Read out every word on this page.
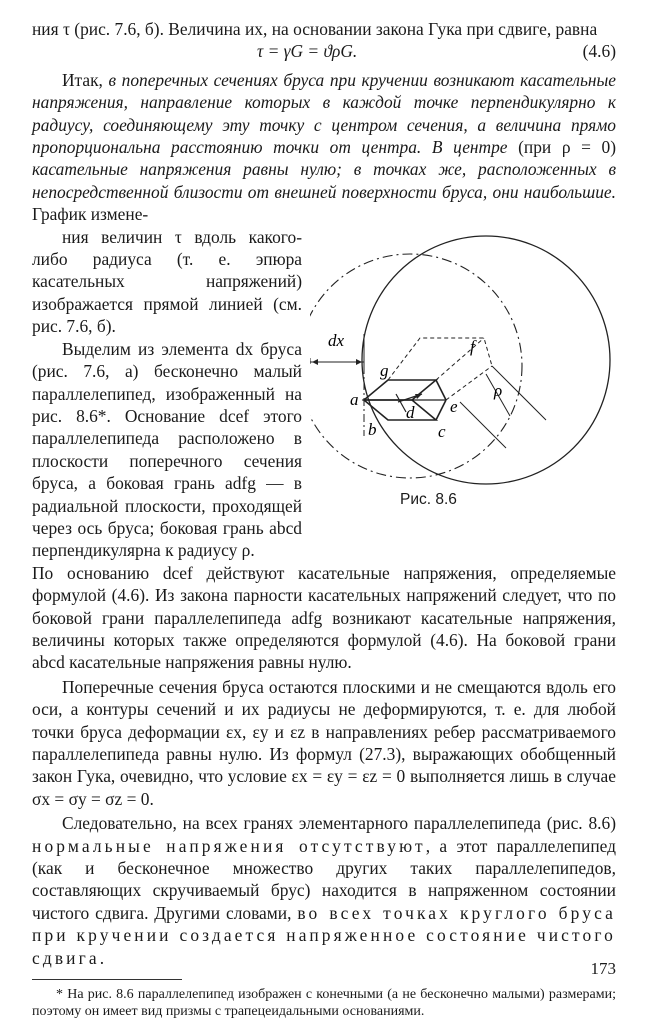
ния τ (рис. 7.6, б). Величина их, на основании закона Гука при сдвиге, равна

τ = γG = ϑρG.	(4.6)

Итак, в поперечных сечениях бруса при кручении возникают касательные напряжения, направление которых в каждой точке перпендикулярно к радиусу, соединяющему эту точку с центром сечения, а величина прямо пропорциональна расстоянию точки от центра. В центре (при ρ = 0) касательные напряжения равны нулю; в точках же, расположенных в непосредственной близости от внешней поверхности бруса, они наибольшие. График измене-

dx
a
b	c
d e
f
g
ρ
Рис. 8.6

ния величин τ вдоль какого-либо радиуса (т. е. эпюра касательных напряжений) изображается прямой линией (см. рис. 7.6, б).

Выделим из элемента dx бруса (рис. 7.6, а) бесконечно малый параллелепипед, изображенный на рис. 8.6*. Основание dcef этого параллелепипеда расположено в плоскости поперечного сечения бруса, а боковая грань adfg — в радиальной плоскости, проходящей через ось бруса; боковая грань abcd перпендикулярна к радиусу ρ.

По основанию dcef действуют касательные напряжения, определяемые формулой (4.6). Из закона парности касательных напряжений следует, что по боковой грани параллелепипеда adfg возникают касательные напряжения, величины которых также определяются формулой (4.6). На боковой грани abcd касательные напряжения равны нулю.

Поперечные сечения бруса остаются плоскими и не смещаются вдоль его оси, а контуры сечений и их радиусы не деформируются, т. е. для любой точки бруса деформации εx, εy и εz в направлениях ребер рассматриваемого параллелепипеда равны нулю. Из формул (27.3), выражающих обобщенный закон Гука, очевидно, что условие εx = εy = εz = 0 выполняется лишь в случае σx = σy = σz = 0.

Следовательно, на всех гранях элементарного параллелепипеда (рис. 8.6) нормальные напряжения отсутствуют, а этот параллелепипед (как и бесконечное множество других таких параллелепипедов, составляющих скручиваемый брус) находится в напряженном состоянии чистого сдвига. Другими словами, во всех точках круглого бруса при кручении создается напряженное состояние чистого сдвига.

* На рис. 8.6 параллелепипед изображен с конечными (а не бесконечно малыми) размерами; поэтому он имеет вид призмы с трапецеидальными основаниями.

173
